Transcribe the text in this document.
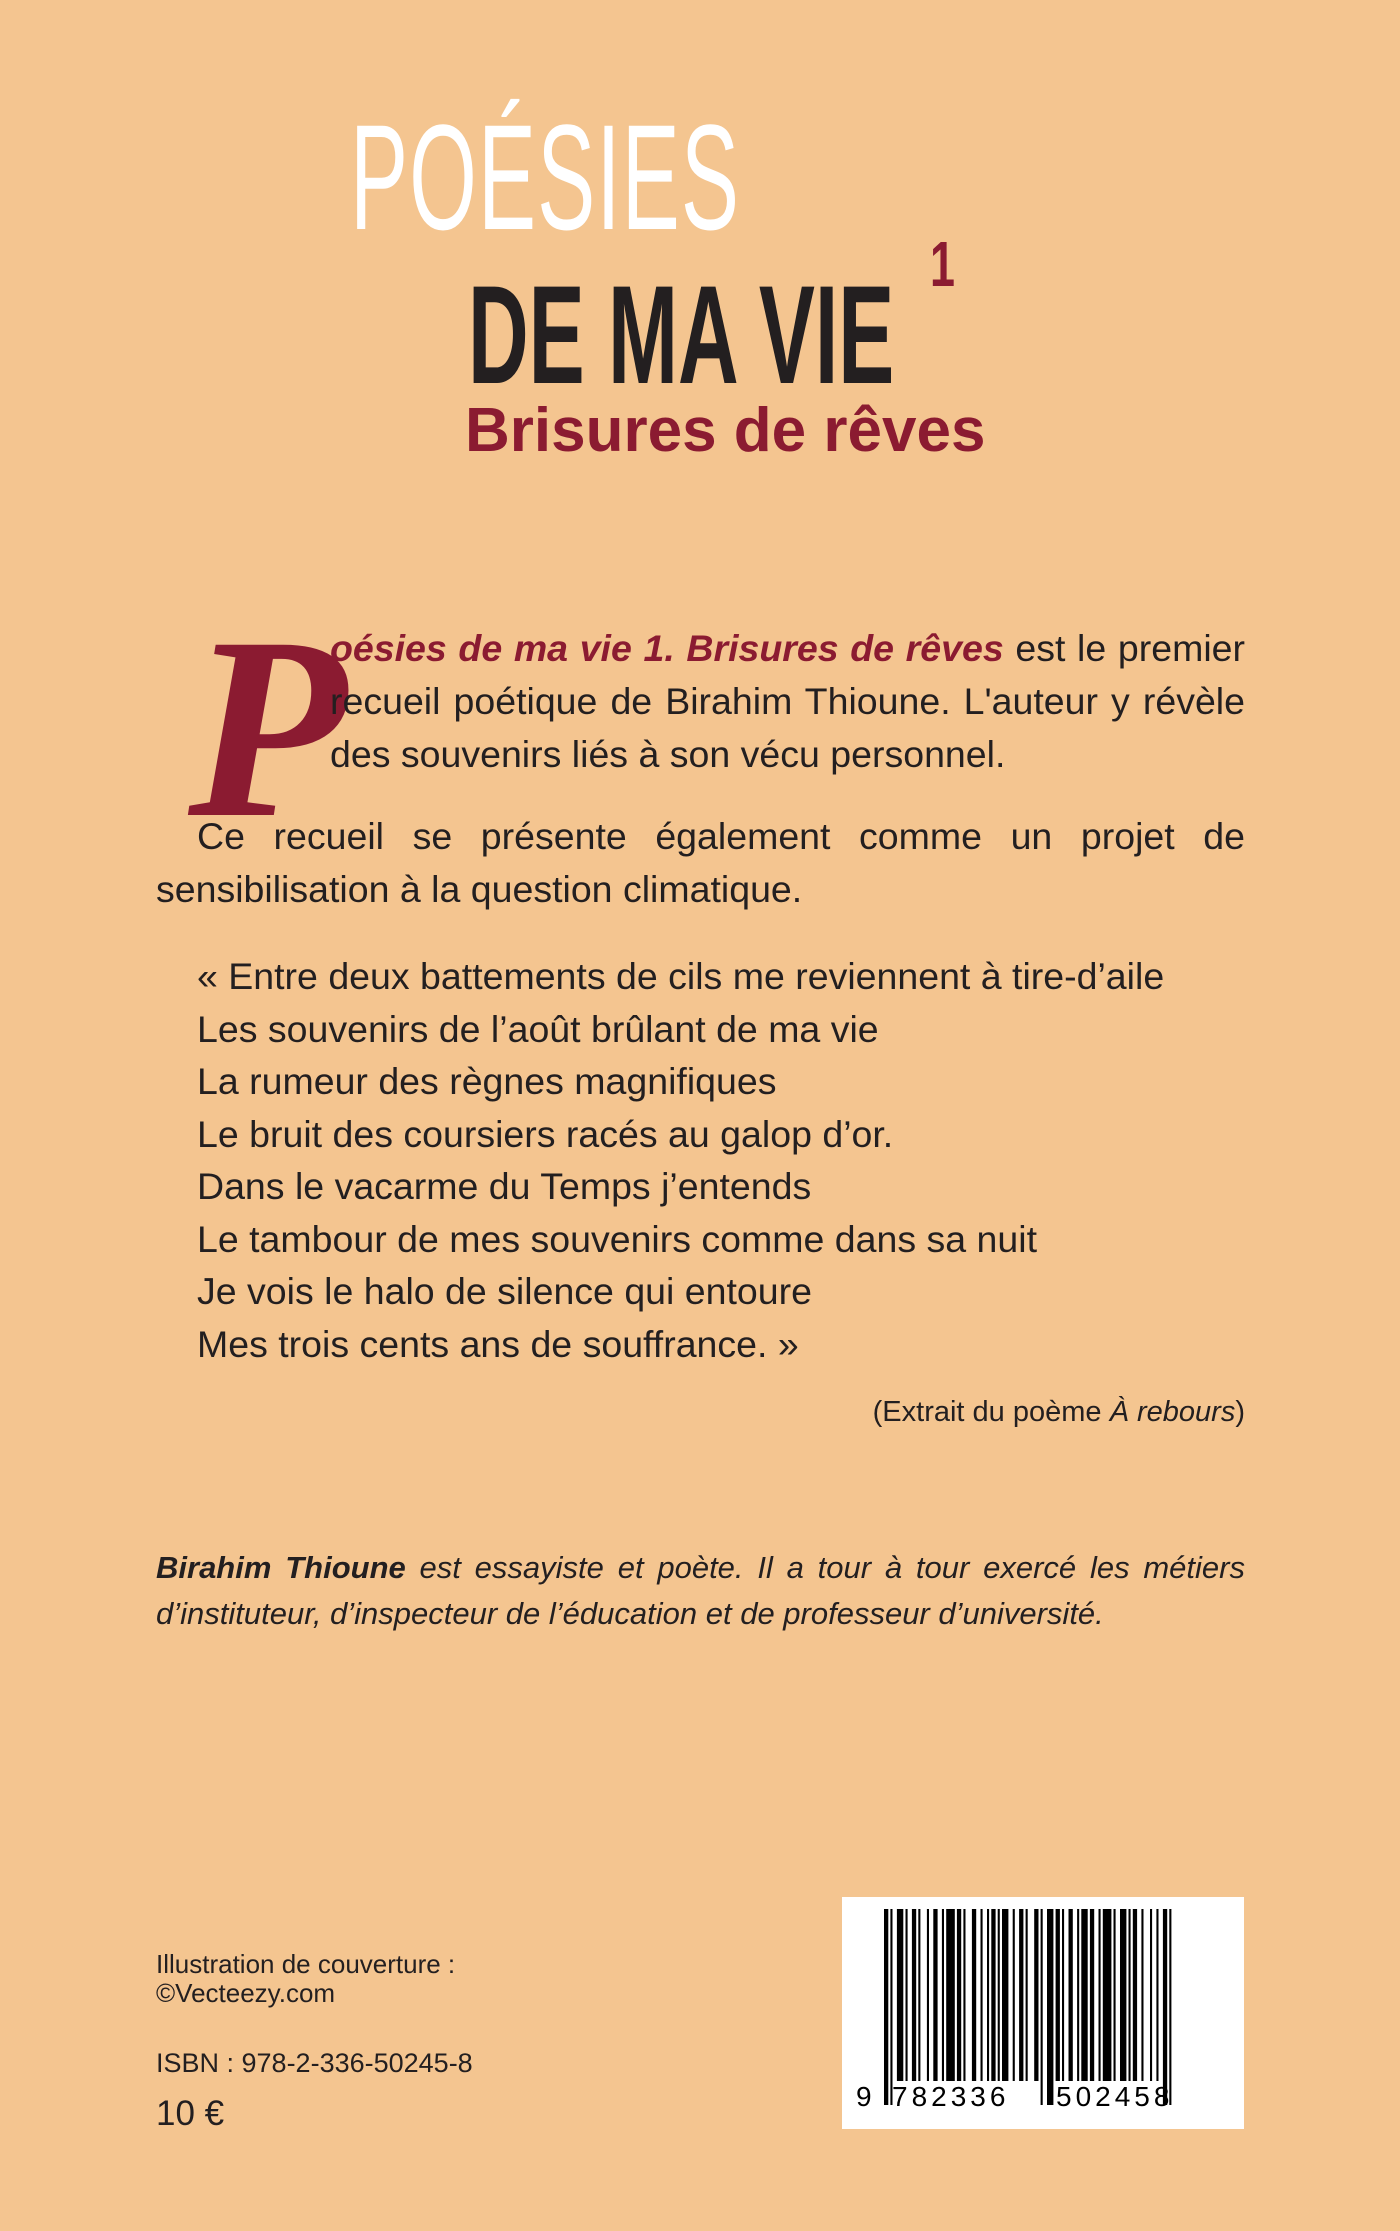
POÉSIES
DE MA VIE 1
Brisures de rêves
P
oésies de ma vie 1. Brisures de rêves est le premier
recueil poétique de Birahim Thioune. L'auteur y révèle
des souvenirs liés à son vécu personnel.
Ce recueil se présente également comme un projet de
sensibilisation à la question climatique.
« Entre deux battements de cils me reviennent à tire-d’aile
Les souvenirs de l’août brûlant de ma vie
La rumeur des règnes magnifiques
Le bruit des coursiers racés au galop d’or.
Dans le vacarme du Temps j’entends
Le tambour de mes souvenirs comme dans sa nuit
Je vois le halo de silence qui entoure
Mes trois cents ans de souffrance. »
(Extrait du poème À rebours)
Birahim Thioune est essayiste et poète. Il a tour à tour exercé les métiers
d’instituteur, d’inspecteur de l’éducation et de professeur d’université.
Illustration de couverture :
©Vecteezy.com
ISBN : 978-2-336-50245-8
10 €	9 782336 502458
